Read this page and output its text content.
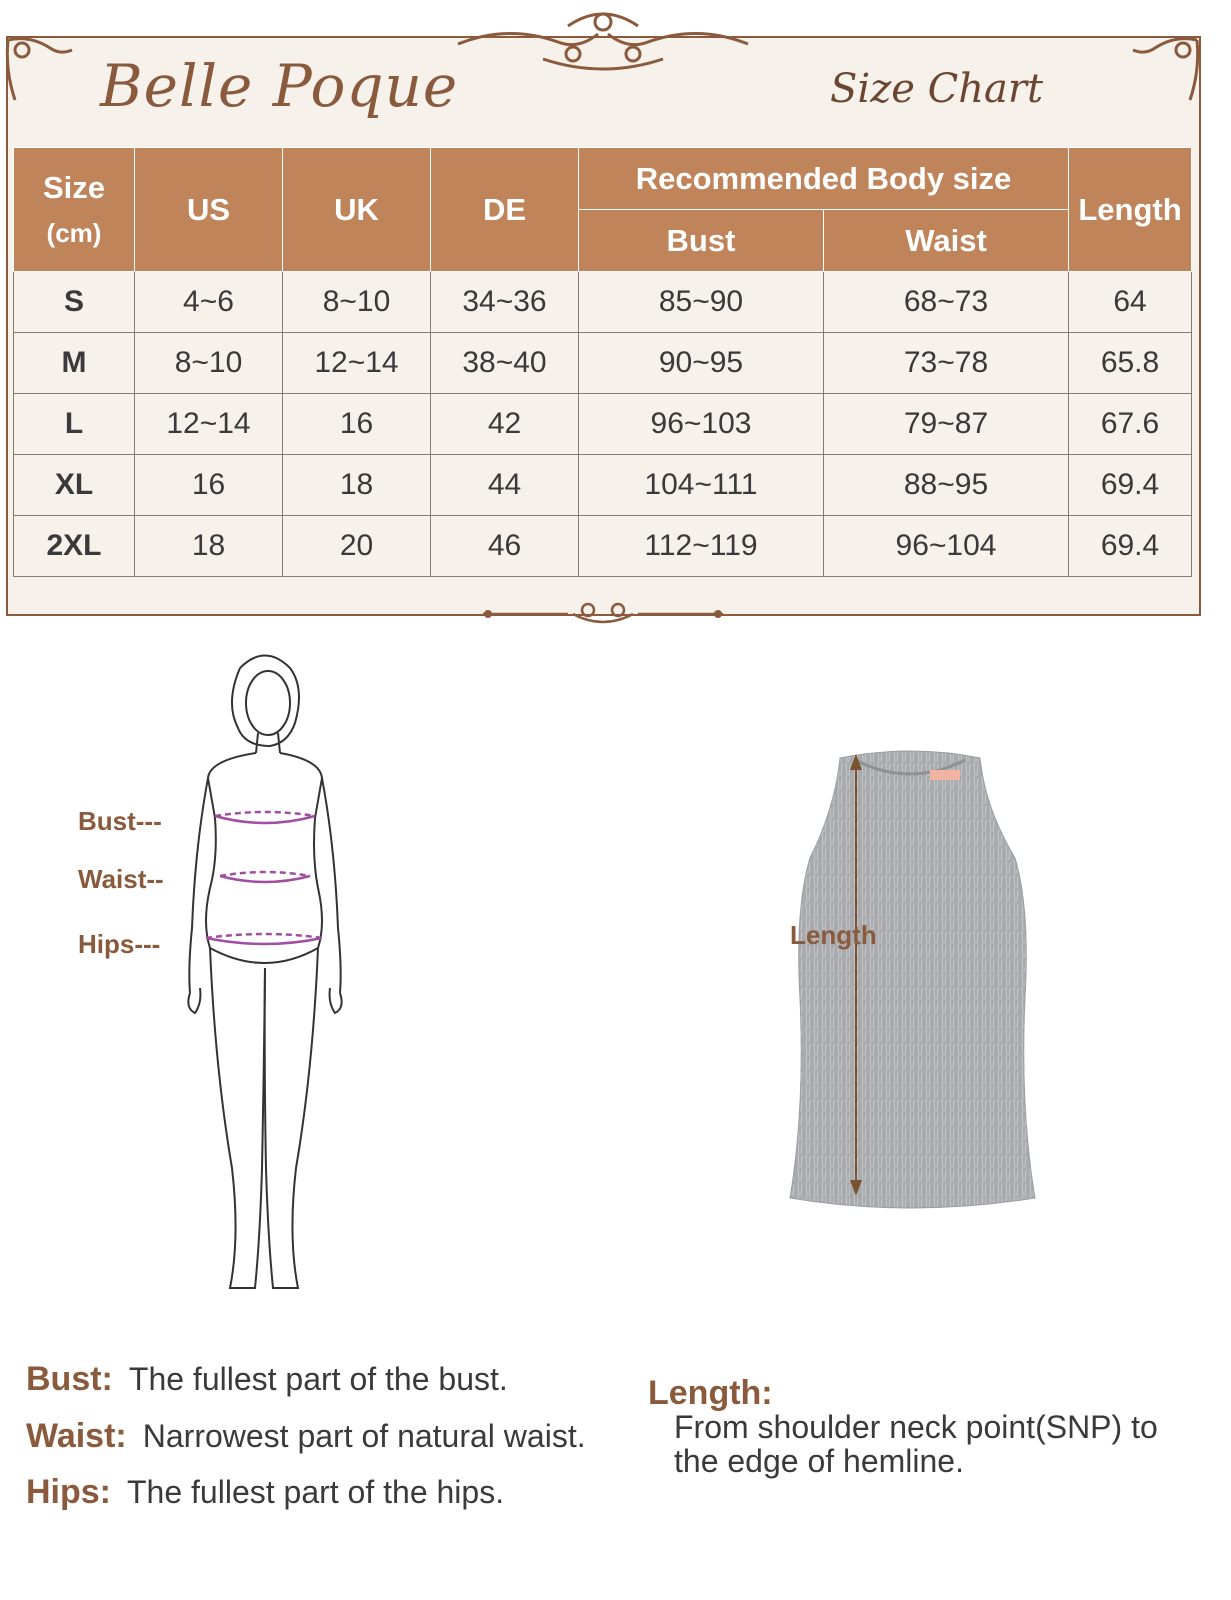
Belle Poque	Size Chart
Size
(cm)	US	UK	DE	Recommended Body size		Length
				Bust	Waist	
S	4~6	8~10	34~36	85~90	68~73	64
M	8~10	12~14	38~40	90~95	73~78	65.8
L	12~14	16	42	96~103	79~87	67.6
XL	16	18	44	104~111	88~95	69.4
2XL	18	20	46	112~119	96~104	69.4
Bust---
Waist--
Hips---	Length
Bust: The fullest part of the bust.
Waist: Narrowest part of natural waist.
Hips: The fullest part of the hips.
Length:
From shoulder neck point(SNP) to
the edge of hemline.
